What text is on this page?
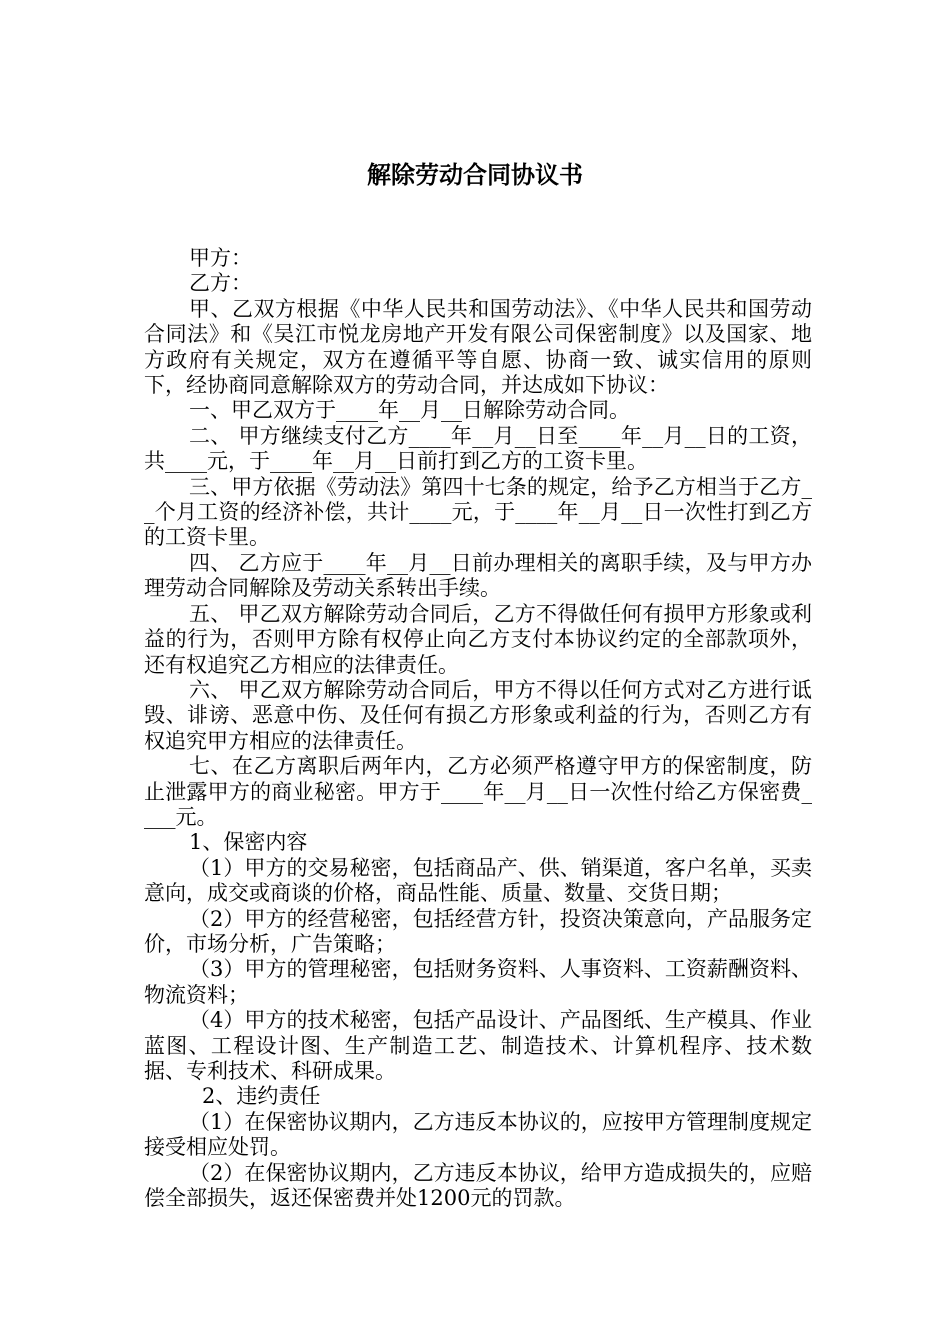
解除劳动合同协议书

甲方：

乙方：

甲、乙双方根据《中华人民共和国劳动法》、《中华人民共和国劳动合同法》和《吴江市悦龙房地产开发有限公司保密制度》以及国家、地方政府有关规定，双方在遵循平等自愿、协商一致、诚实信用的原则下，经协商同意解除双方的劳动合同，并达成如下协议：

一、甲乙双方于____年__月__日解除劳动合同。

二、 甲方继续支付乙方____年__月__日至____年__月__日的工资，共____元，于____年__月__日前打到乙方的工资卡里。

三、甲方依据《劳动法》第四十七条的规定，给予乙方相当于乙方__个月工资的经济补偿，共计____元，于____年__月__日一次性打到乙方的工资卡里。

四、 乙方应于____年__月__日前办理相关的离职手续，及与甲方办理劳动合同解除及劳动关系转出手续。

五、 甲乙双方解除劳动合同后，乙方不得做任何有损甲方形象或利益的行为，否则甲方除有权停止向乙方支付本协议约定的全部款项外，还有权追究乙方相应的法律责任。

六、 甲乙双方解除劳动合同后，甲方不得以任何方式对乙方进行诋毁、诽谤、恶意中伤、及任何有损乙方形象或利益的行为，否则乙方有权追究甲方相应的法律责任。

七、在乙方离职后两年内，乙方必须严格遵守甲方的保密制度，防止泄露甲方的商业秘密。甲方于____年__月__日一次性付给乙方保密费____元。

1、保密内容

（1）甲方的交易秘密，包括商品产、供、销渠道，客户名单，买卖意向，成交或商谈的价格，商品性能、质量、数量、交货日期；

（2）甲方的经营秘密，包括经营方针，投资决策意向，产品服务定价，市场分析，广告策略；

（3）甲方的管理秘密，包括财务资料、人事资料、工资薪酬资料、物流资料；

（4）甲方的技术秘密，包括产品设计、产品图纸、生产模具、作业蓝图、工程设计图、生产制造工艺、制造技术、计算机程序、技术数据、专利技术、科研成果。

2、违约责任

（1）在保密协议期内，乙方违反本协议的，应按甲方管理制度规定接受相应处罚。

（2）在保密协议期内，乙方违反本协议，给甲方造成损失的，应赔偿全部损失，返还保密费并处1200元的罚款。
